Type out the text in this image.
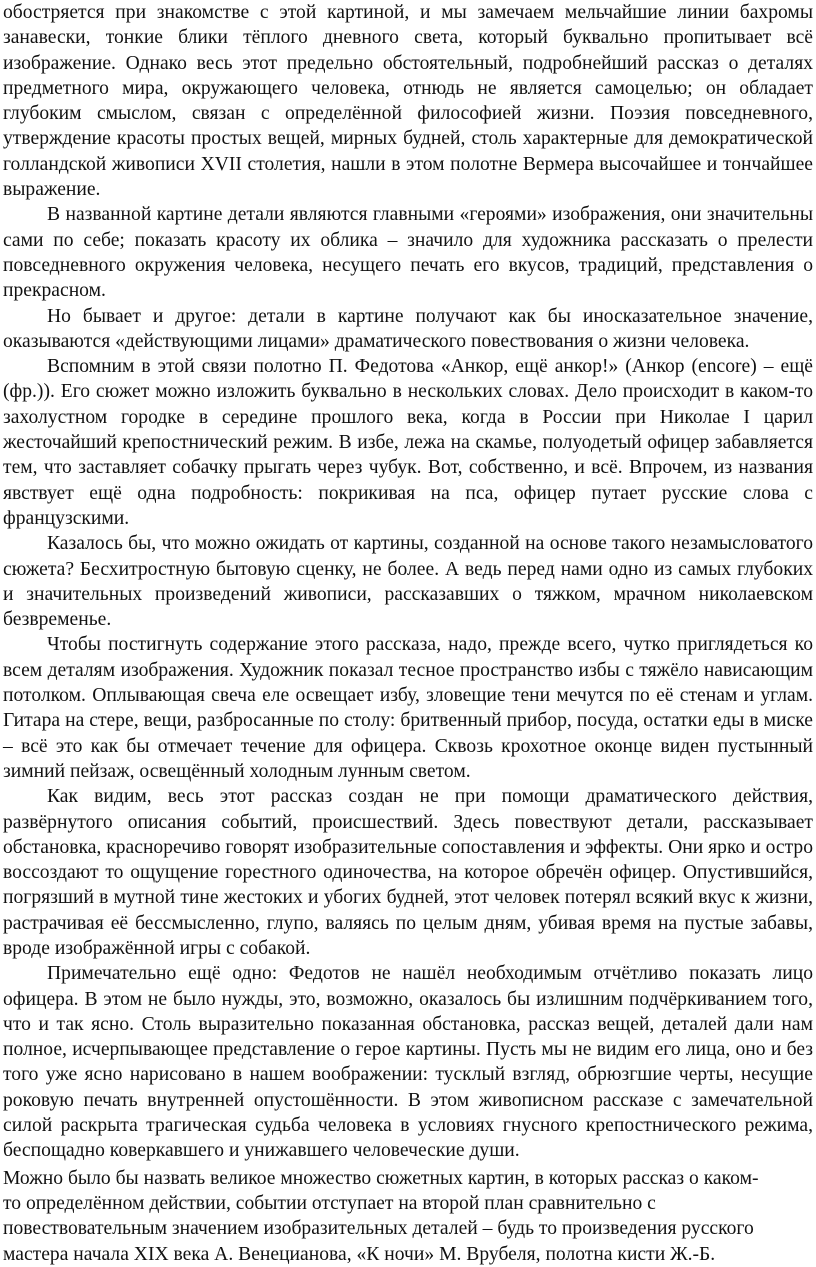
обостряется при знакомстве с этой картиной, и мы замечаем мельчайшие линии бахромы занавески, тонкие блики тёплого дневного света, который буквально пропитывает всё изображение. Однако весь этот предельно обстоятельный, подробнейший рассказ о деталях предметного мира, окружающего человека, отнюдь не является самоцелью; он обладает глубоким смыслом, связан с определённой философией жизни. Поэзия повседневного, утверждение красоты простых вещей, мирных будней, столь характерные для демократической голландской живописи XVII столетия, нашли в этом полотне Вермера высочайшее и тончайшее выражение.

В названной картине детали являются главными «героями» изображения, они значительны сами по себе; показать красоту их облика – значило для художника рассказать о прелести повседневного окружения человека, несущего печать его вкусов, традиций, представления о прекрасном.

Но бывает и другое: детали в картине получают как бы иносказательное значение, оказываются «действующими лицами» драматического повествования о жизни человека.

Вспомним в этой связи полотно П. Федотова «Анкор, ещё анкор!» (Анкор (encore) – ещё (фр.)). Его сюжет можно изложить буквально в нескольких словах. Дело происходит в каком-то захолустном городке в середине прошлого века, когда в России при Николае I царил жесточайший крепостнический режим. В избе, лежа на скамье, полуодетый офицер забавляется тем, что заставляет собачку прыгать через чубук. Вот, собственно, и всё. Впрочем, из названия явствует ещё одна подробность: покрикивая на пса, офицер путает русские слова с французскими.

Казалось бы, что можно ожидать от картины, созданной на основе такого незамысловатого сюжета? Бесхитростную бытовую сценку, не более. А ведь перед нами одно из самых глубоких и значительных произведений живописи, рассказавших о тяжком, мрачном николаевском безвременье.

Чтобы постигнуть содержание этого рассказа, надо, прежде всего, чутко приглядеться ко всем деталям изображения. Художник показал тесное пространство избы с тяжёло нависающим потолком. Оплывающая свеча еле освещает избу, зловещие тени мечутся по её стенам и углам. Гитара на стере, вещи, разбросанные по столу: бритвенный прибор, посуда, остатки еды в миске – всё это как бы отмечает течение для офицера. Сквозь крохотное оконце виден пустынный зимний пейзаж, освещённый холодным лунным светом.

Как видим, весь этот рассказ создан не при помощи драматического действия, развёрнутого описания событий, происшествий. Здесь повествуют детали, рассказывает обстановка, красноречиво говорят изобразительные сопоставления и эффекты. Они ярко и остро воссоздают то ощущение горестного одиночества, на которое обречён офицер. Опустившийся, погрязший в мутной тине жестоких и убогих будней, этот человек потерял всякий вкус к жизни, растрачивая её бессмысленно, глупо, валяясь по целым дням, убивая время на пустые забавы, вроде изображённой игры с собакой.

Примечательно ещё одно: Федотов не нашёл необходимым отчётливо показать лицо офицера. В этом не было нужды, это, возможно, оказалось бы излишним подчёркиванием того, что и так ясно. Столь выразительно показанная обстановка, рассказ вещей, деталей дали нам полное, исчерпывающее представление о герое картины. Пусть мы не видим его лица, оно и без того уже ясно нарисовано в нашем воображении: тусклый взгляд, обрюзгшие черты, несущие роковую печать внутренней опустошённости. В этом живописном рассказе с замечательной силой раскрыта трагическая судьба человека в условиях гнусного крепостнического режима, беспощадно коверкавшего и унижавшего человеческие души.

Можно было бы назвать великое множество сюжетных картин, в которых рассказ о каком-
то определённом действии, событии отступает на второй план сравнительно с
повествовательным значением изобразительных деталей – будь то произведения русского
мастера начала XIX века А. Венецианова, «К ночи» М. Врубеля, полотна кисти Ж.-Б.
